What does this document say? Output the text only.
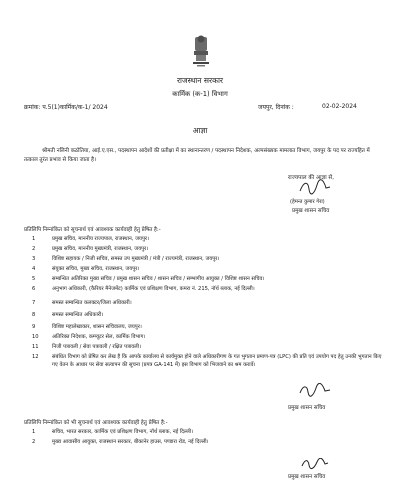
राजस्थान सरकार
कार्मिक (क-1) विभाग
क्रमांक: प.5(1)कार्मिक/क-1/ 2024	जयपुर, दिनांक :	02-02-2024
आज्ञा
श्रीमती नलिनी कठोतिया, आई.ए.एस., पदस्थापन आदेशों की प्रतीक्षा में का स्थानान्तरण / पदस्थापन निदेशक, अल्पसंख्यक मामलात विभाग, जयपुर के पद पर राज्यहित में तत्काल तुरंत प्रभाव से किया जाता है।
राज्यपाल की आज्ञा से,
(हेमन्त कुमार गेरा)
प्रमुख शासन सचिव
प्रतिलिपि निम्नांकित को सूचनार्थ एवं आवश्यक कार्यवाही हेतु प्रेषित है:-
1	प्रमुख सचिव, माननीय राज्यपाल, राजस्थान, जयपुर।
2	प्रमुख सचिव, माननीय मुख्यमंत्री, राजस्थान, जयपुर।
3	विशिष्ट सहायक / निजी सचिव, समस्त उप मुख्यमंत्री / मंत्री / राज्यमंत्री, राजस्थान, जयपुर।
4	संयुक्त सचिव, मुख्य सचिव, राजस्थान, जयपुर।
5	सम्बन्धित अतिरिक्त मुख्य सचिव / प्रमुख शासन सचिव / शासन सचिव / सम्भागीय आयुक्त / विशिष्ट शासन सचिव।
6	अनुभाग अधिकारी, (कैरियर मैनेजमेंट) कार्मिक एवं प्रशिक्षण विभाग, कमरा नं. 215, नॉर्थ ब्लाक, नई दिल्ली।
7	समस्त सम्बन्धित कलक्टर/जिला अधिकारी।
8	समस्त सम्बन्धित अधिकारी।
9	विशिष्ट महालेखाकार, शासन सचिवालय, जयपुर।
10	अतिरिक्त निदेशक, कम्प्यूटर सेल, कार्मिक विभाग।
11	निजी पत्रावली / सेवा पत्रावली / रक्षित पत्रावली।
12	संबंधित विभाग को प्रेषित कर लेख है कि आपके कार्यालय से कार्यमुक्त होने वाले अधिकारीगण के गत भुगतान प्रमाण-पत्र (LPC) की प्रति एवं उपयोग पद हेतु उनकी भुगतान किए गए वेतन के आधार पर सेवा सत्यापन की सूचना (प्रपत्र GA-141 में) इस विभाग को भिजवाने का श्रम करावें।
प्रमुख शासन सचिव
प्रतिलिपि निम्नांकित को भी सूचनार्थ एवं आवश्यक कार्यवाही हेतु प्रेषित है:-
1	सचिव, भारत सरकार, कार्मिक एवं प्रशिक्षण विभाग, नॉर्थ ब्लाक, नई दिल्ली।
2	मुख्य आवासीय आयुक्त, राजस्थान सरकार, बीकानेर हाउस, पण्डारा रोड, नई दिल्ली।
प्रमुख शासन सचिव
